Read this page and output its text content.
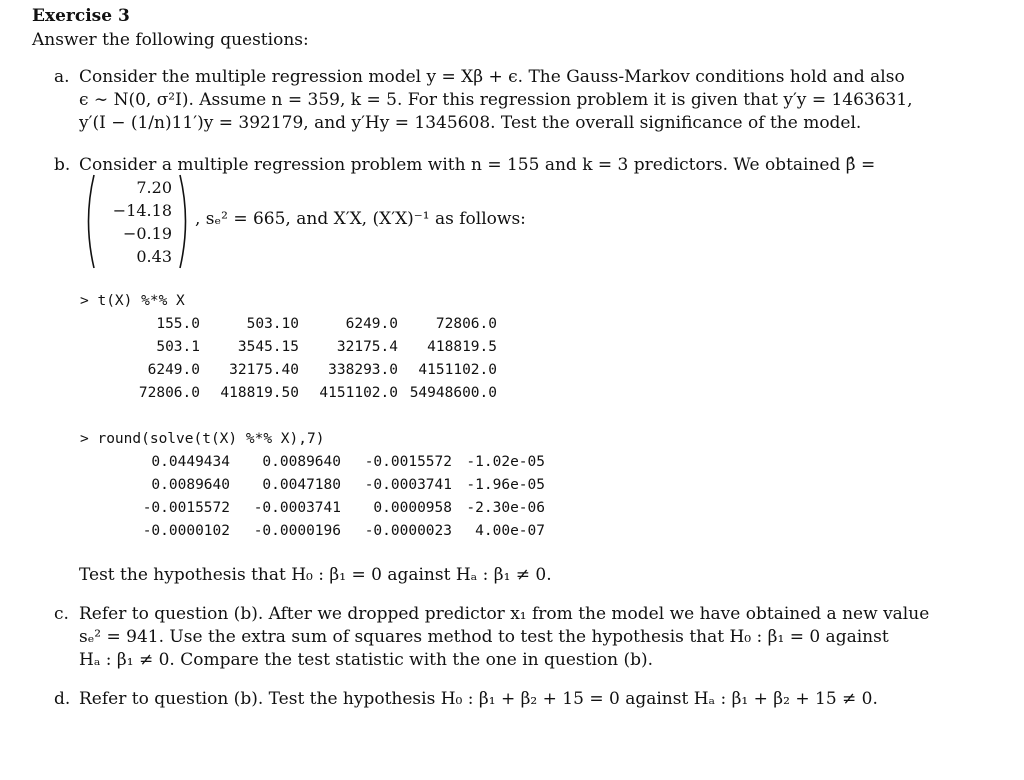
Exercise 3
Answer the following questions:
a. Consider the multiple regression model y = Xβ + ϵ. The Gauss-Markov conditions hold and also
ϵ ∼ N(0, σ²I). Assume n = 359, k = 5. For this regression problem it is given that y′y = 1463631,
y′(I − (1/n)11′)y = 392179, and y′Hy = 1345608. Test the overall significance of the model.
b. Consider a multiple regression problem with n = 155 and k = 3 predictors. We obtained β̂ =
7.20
−14.18
−0.19
0.43
, sₑ² = 665, and X′X, (X′X)⁻¹ as follows:
> t(X) %*% X
155.0	503.10	6249.0	72806.0
503.1	3545.15	32175.4 418819.5
6249.0 32175.40 338293.0 4151102.0
72806.0 418819.50 4151102.0 54948600.0
> round(solve(t(X) %*% X),7)
0.0449434 0.0089640 -0.0015572 -1.02e-05
0.0089640 0.0047180 -0.0003741 -1.96e-05
-0.0015572 -0.0003741 0.0000958 -2.30e-06
-0.0000102 -0.0000196 -0.0000023 4.00e-07
Test the hypothesis that H₀ : β₁ = 0 against Hₐ : β₁ ≠ 0.
c. Refer to question (b). After we dropped predictor x₁ from the model we have obtained a new value
sₑ² = 941. Use the extra sum of squares method to test the hypothesis that H₀ : β₁ = 0 against
Hₐ : β₁ ≠ 0. Compare the test statistic with the one in question (b).
d. Refer to question (b). Test the hypothesis H₀ : β₁ + β₂ + 15 = 0 against Hₐ : β₁ + β₂ + 15 ≠ 0.
